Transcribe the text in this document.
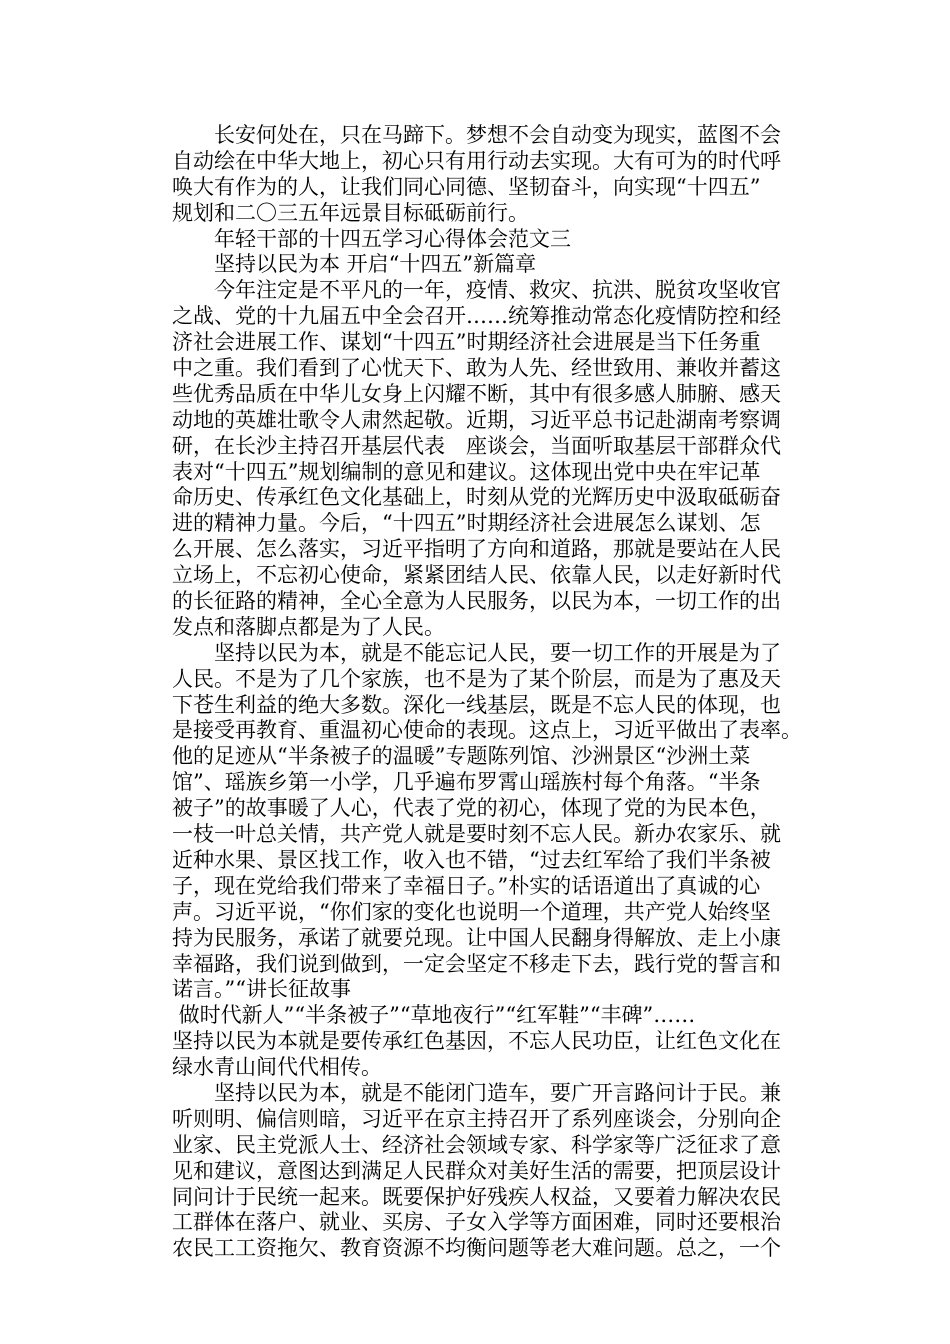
　　长安何处在，只在马蹄下。梦想不会自动变为现实，蓝图不会
自动绘在中华大地上，初心只有用行动去实现。大有可为的时代呼
唤大有作为的人，让我们同心同德、坚韧奋斗，向实现“十四五”
规划和二〇三五年远景目标砥砺前行。
　　年轻干部的十四五学习心得体会范文三
　　坚持以民为本 开启“十四五”新篇章
　　今年注定是不平凡的一年，疫情、救灾、抗洪、脱贫攻坚收官
之战、党的十九届五中全会召开……统筹推动常态化疫情防控和经
济社会进展工作、谋划“十四五”时期经济社会进展是当下任务重
中之重。我们看到了心忧天下、敢为人先、经世致用、兼收并蓄这
些优秀品质在中华儿女身上闪耀不断，其中有很多感人肺腑、感天
动地的英雄壮歌令人肃然起敬。近期，习近平总书记赴湖南考察调
研，在长沙主持召开基层代表　座谈会，当面听取基层干部群众代
表对“十四五”规划编制的意见和建议。这体现出党中央在牢记革
命历史、传承红色文化基础上，时刻从党的光辉历史中汲取砥砺奋
进的精神力量。今后，“十四五”时期经济社会进展怎么谋划、怎
么开展、怎么落实，习近平指明了方向和道路，那就是要站在人民
立场上，不忘初心使命，紧紧团结人民、依靠人民，以走好新时代
的长征路的精神，全心全意为人民服务，以民为本，一切工作的出
发点和落脚点都是为了人民。
　　坚持以民为本，就是不能忘记人民，要一切工作的开展是为了
人民。不是为了几个家族，也不是为了某个阶层，而是为了惠及天
下苍生利益的绝大多数。深化一线基层，既是不忘人民的体现，也
是接受再教育、重温初心使命的表现。这点上，习近平做出了表率。
他的足迹从“半条被子的温暖”专题陈列馆、沙洲景区“沙洲土菜
馆”、瑶族乡第一小学，几乎遍布罗霄山瑶族村每个角落。“半条
被子”的故事暖了人心，代表了党的初心，体现了党的为民本色，
一枝一叶总关情，共产党人就是要时刻不忘人民。新办农家乐、就
近种水果、景区找工作，收入也不错，“过去红军给了我们半条被
子，现在党给我们带来了幸福日子。”朴实的话语道出了真诚的心
声。习近平说，“你们家的变化也说明一个道理，共产党人始终坚
持为民服务，承诺了就要兑现。让中国人民翻身得解放、走上小康
幸福路，我们说到做到，一定会坚定不移走下去，践行党的誓言和
诺言。”“讲长征故事
做时代新人”“半条被子”“草地夜行”“红军鞋”“丰碑”……
坚持以民为本就是要传承红色基因，不忘人民功臣，让红色文化在
绿水青山间代代相传。
　　坚持以民为本，就是不能闭门造车，要广开言路问计于民。兼
听则明、偏信则暗，习近平在京主持召开了系列座谈会，分别向企
业家、民主党派人士、经济社会领域专家、科学家等广泛征求了意
见和建议，意图达到满足人民群众对美好生活的需要，把顶层设计
同问计于民统一起来。既要保护好残疾人权益，又要着力解决农民
工群体在落户、就业、买房、子女入学等方面困难，同时还要根治
农民工工资拖欠、教育资源不均衡问题等老大难问题。总之，一个
